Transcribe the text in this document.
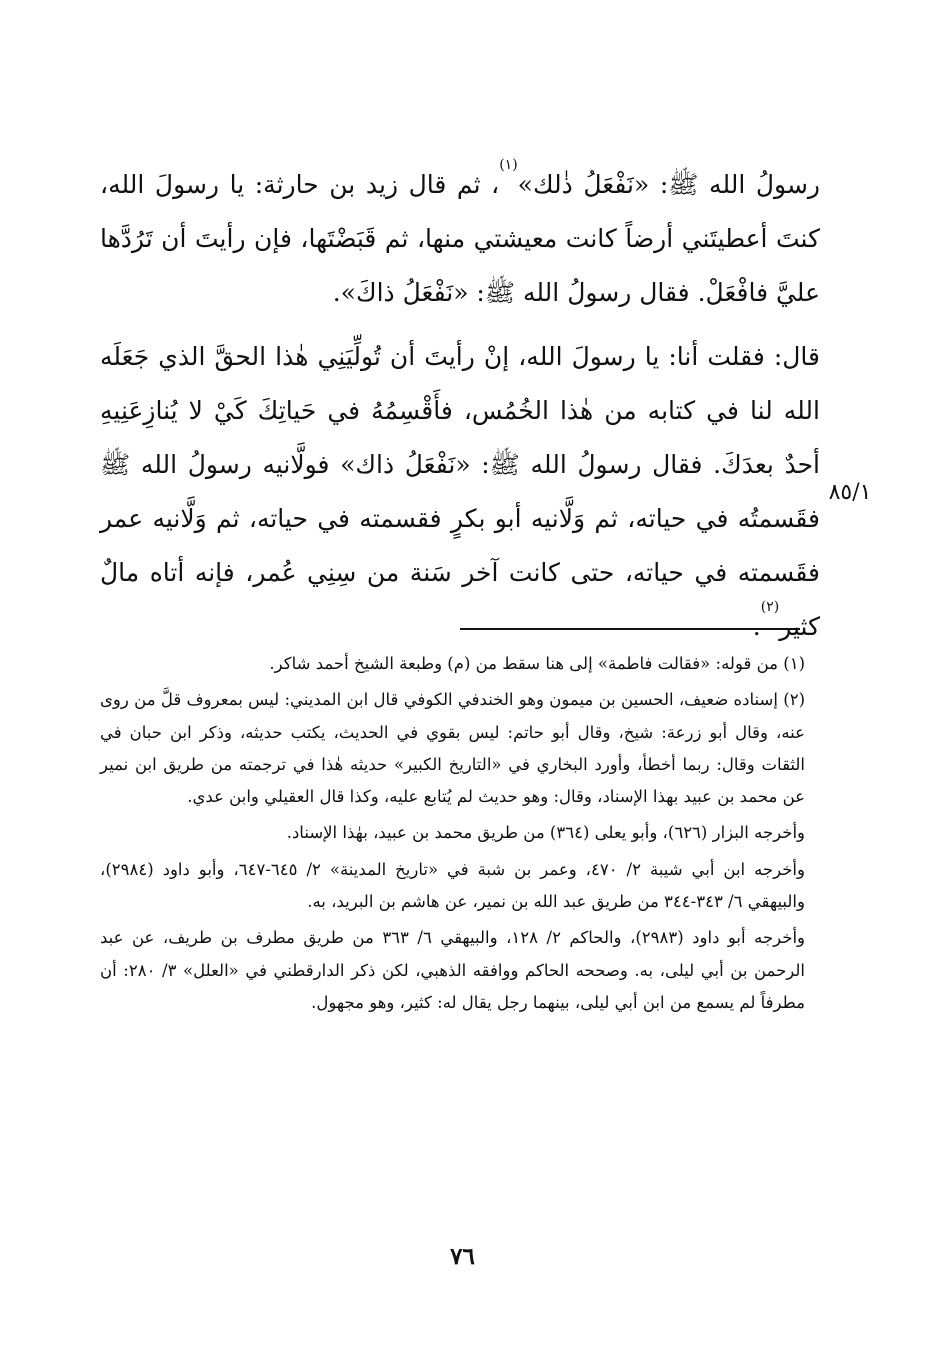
رسولُ الله ﷺ: «نَفْعَلُ ذٰلك»$^{(١)}$، ثم قال زيد بن حارثة: يا رسولَ الله، كنتَ أعطيتَني أرضاً كانت معيشتي منها، ثم قَبَضْتَها، فإن رأيتَ أن تَرُدَّها عليَّ فافْعَلْ. فقال رسولُ الله ﷺ: «نَفْعَلُ ذاكَ».

قال: فقلت أنا: يا رسولَ الله، إنْ رأيتَ أن تُولِّيَنِي هٰذا الحقَّ الذي جَعَلَه الله لنا في كتابه من هٰذا الخُمُس، فأَقْسِمُهُ في حَياتِكَ كَيْ لا يُنازِعَنِيهِ أحدٌ بعدَكَ. فقال رسولُ الله ﷺ: «نَفْعَلُ ذاك» فولَّانيه رسولُ الله ﷺ فقَسمتُه في حياته، ثم وَلَّانيه أبو بكرٍ فقسمته في حياته، ثم وَلَّانيه عمر فقَسمته في حياته، حتى كانت آخر سَنة من سِنِي عُمر، فإنه أتاه مالٌ كثير$^{(٢)}$.

٨٥/١

(١) من قوله: «فقالت فاطمة» إلى هنا سقط من (م) وطبعة الشيخ أحمد شاكر.

(٢) إسناده ضعيف، الحسين بن ميمون وهو الخندفي الكوفي قال ابن المديني: ليس بمعروف قلَّ من روى عنه، وقال أبو زرعة: شيخ، وقال أبو حاتم: ليس بقوي في الحديث، يكتب حديثه، وذكر ابن حبان في الثقات وقال: ربما أخطأ، وأورد البخاري في «التاريخ الكبير» حديثه هٰذا في ترجمته من طريق ابن نمير عن محمد بن عبيد بهذا الإسناد، وقال: وهو حديث لم يُتابع عليه، وكذا قال العقيلي وابن عدي.

وأخرجه البزار (٦٢٦)، وأبو يعلى (٣٦٤) من طريق محمد بن عبيد، بهٰذا الإسناد.

وأخرجه ابن أبي شيبة ٢/ ٤٧٠، وعمر بن شبة في «تاريخ المدينة» ٢/ ٦٤٥-٦٤٧، وأبو داود (٢٩٨٤)، والبيهقي ٦/ ٣٤٣-٣٤٤ من طريق عبد الله بن نمير، عن هاشم بن البريد، به.

وأخرجه أبو داود (٢٩٨٣)، والحاكم ٢/ ١٢٨، والبيهقي ٦/ ٣٦٣ من طريق مطرف بن طريف، عن عبد الرحمن بن أبي ليلى، به. وصححه الحاكم ووافقه الذهبي، لكن ذكر الدارقطني في «العلل» ٣/ ٢٨٠: أن مطرفاً لم يسمع من ابن أبي ليلى، بينهما رجل يقال له: كثير، وهو مجهول.

٧٦
